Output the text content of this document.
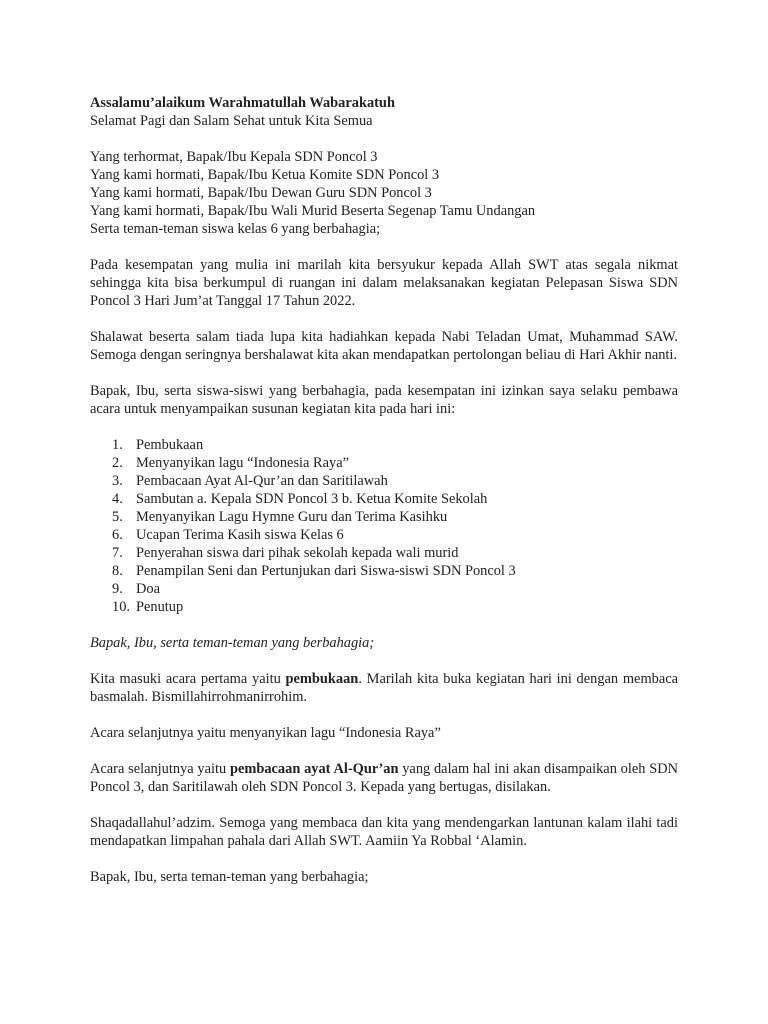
Assalamu’alaikum Warahmatullah Wabarakatuh

Selamat Pagi dan Salam Sehat untuk Kita Semua

Yang terhormat, Bapak/Ibu Kepala SDN Poncol 3

Yang kami hormati, Bapak/Ibu Ketua Komite SDN Poncol 3

Yang kami hormati, Bapak/Ibu Dewan Guru SDN Poncol 3

Yang kami hormati, Bapak/Ibu Wali Murid Beserta Segenap Tamu Undangan

Serta teman-teman siswa kelas 6 yang berbahagia;

Pada kesempatan yang mulia ini marilah kita bersyukur kepada Allah SWT atas segala nikmat sehingga kita bisa berkumpul di ruangan ini dalam melaksanakan kegiatan Pelepasan Siswa SDN Poncol 3 Hari Jum’at Tanggal 17 Tahun 2022.

Shalawat beserta salam tiada lupa kita hadiahkan kepada Nabi Teladan Umat, Muhammad SAW. Semoga dengan seringnya bershalawat kita akan mendapatkan pertolongan beliau di Hari Akhir nanti.

Bapak, Ibu, serta siswa-siswi yang berbahagia, pada kesempatan ini izinkan saya selaku pembawa acara untuk menyampaikan susunan kegiatan kita pada hari ini:

1. Pembukaan
2. Menyanyikan lagu “Indonesia Raya”
3. Pembacaan Ayat Al-Qur’an dan Saritilawah
4. Sambutan a. Kepala SDN Poncol 3 b. Ketua Komite Sekolah
5. Menyanyikan Lagu Hymne Guru dan Terima Kasihku
6. Ucapan Terima Kasih siswa Kelas 6
7. Penyerahan siswa dari pihak sekolah kepada wali murid
8. Penampilan Seni dan Pertunjukan dari Siswa-siswi SDN Poncol 3
9. Doa
10. Penutup

Bapak, Ibu, serta teman-teman yang berbahagia;

Kita masuki acara pertama yaitu pembukaan. Marilah kita buka kegiatan hari ini dengan membaca basmalah. Bismillahirrohmanirrohim.

Acara selanjutnya yaitu menyanyikan lagu “Indonesia Raya”

Acara selanjutnya yaitu pembacaan ayat Al-Qur’an yang dalam hal ini akan disampaikan oleh SDN Poncol 3, dan Saritilawah oleh SDN Poncol 3. Kepada yang bertugas, disilakan.

Shaqadallahul’adzim. Semoga yang membaca dan kita yang mendengarkan lantunan kalam ilahi tadi mendapatkan limpahan pahala dari Allah SWT. Aamiin Ya Robbal ‘Alamin.

Bapak, Ibu, serta teman-teman yang berbahagia;
